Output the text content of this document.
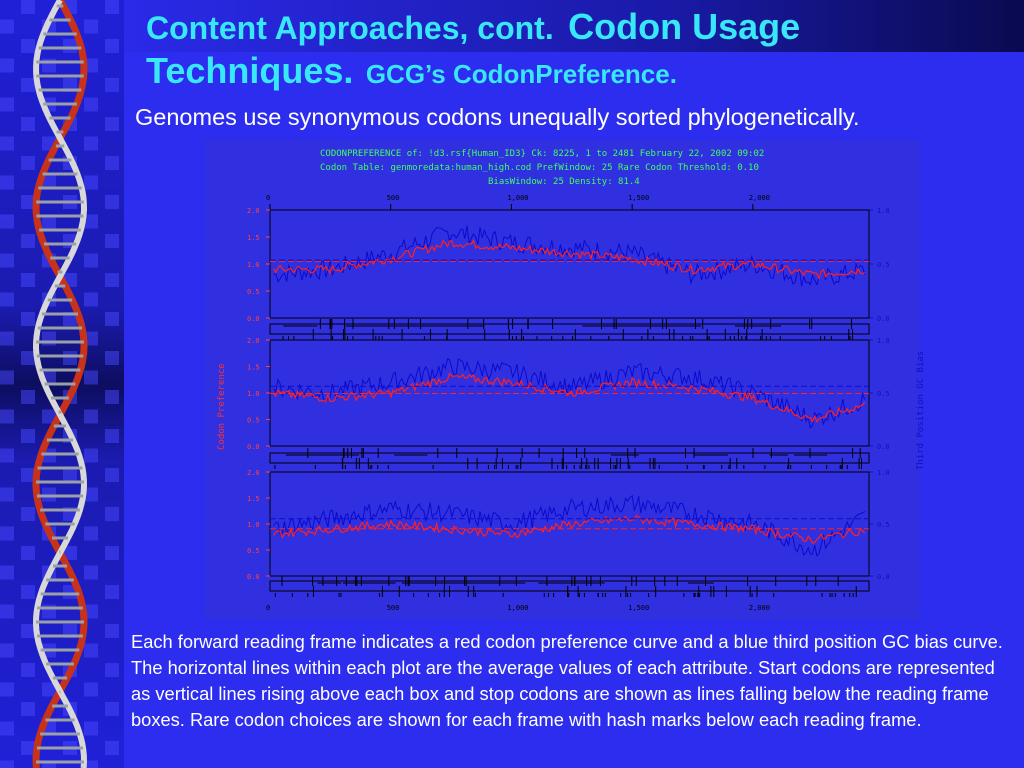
Content Approaches, cont. Codon Usage
Techniques. GCG’s CodonPreference.
Genomes use synonymous codons unequally sorted phylogenetically.
CODONPREFERENCE of: !d3.rsf{Human_ID3} Ck: 8225, 1 to 2481 February 22, 2002 09:02
Codon Table: genmoredata:human_high.cod PrefWindow: 25 Rare Codon Threshold: 0.10
BiasWindow: 25 Density: 81.4
Codon Preference	Third Position GC Bias
0
0
500
500
1,000
1,000
1,500
1,500
2,000
2,000
2.0
1.5
1.0
0.5
0.0
1.0
0.5
0.0
2.0
1.5
1.0
0.5
0.0
1.0
0.5
0.0
2.0
1.5
1.0
0.5
0.0
1.0
0.5
0.0
Each forward reading frame indicates a red codon preference curve and a blue third position GC bias curve. The horizontal lines within each plot are the average values of each attribute. Start codons are represented as vertical lines rising above each box and stop codons are shown as lines falling below the reading frame boxes. Rare codon choices are shown for each frame with hash marks below each reading frame.
